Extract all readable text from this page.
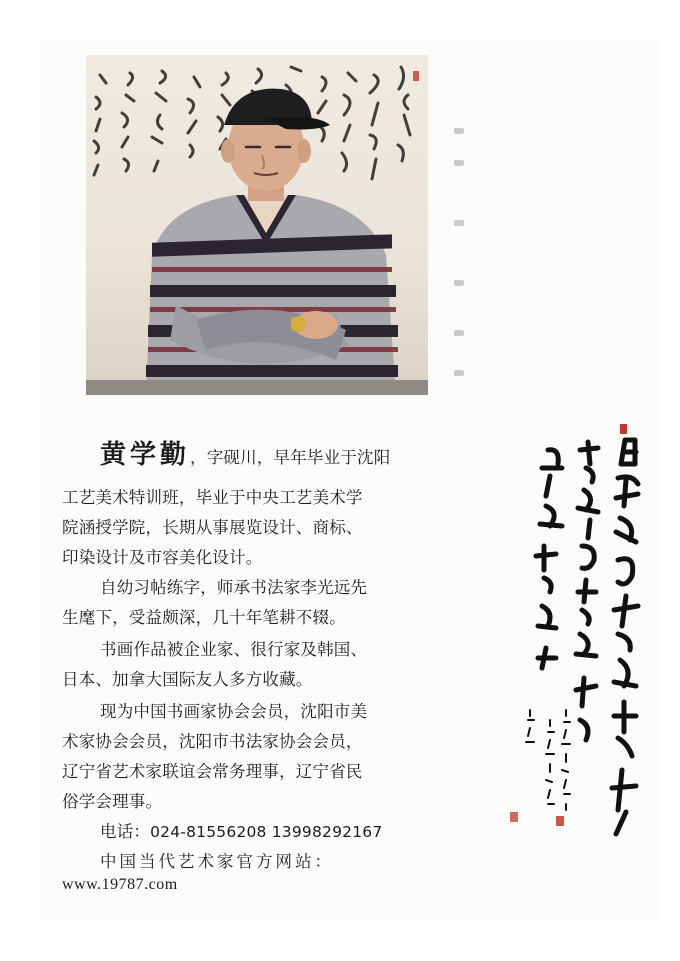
黄学勤，字砚川，早年毕业于沈阳
工艺美术特训班，毕业于中央工艺美术学
院涵授学院，长期从事展览设计、商标、
印染设计及市容美化设计。
自幼习帖练字，师承书法家李光远先
生麾下，受益颇深，几十年笔耕不辍。
书画作品被企业家、很行家及韩国、
日本、加拿大国际友人多方收藏。
现为中国书画家协会会员，沈阳市美
术家协会会员，沈阳市书法家协会会员，
辽宁省艺术家联谊会常务理事，辽宁省民
俗学会理事。
电话：024-81556208 13998292167
中国当代艺术家官方网站：
www.19787.com
